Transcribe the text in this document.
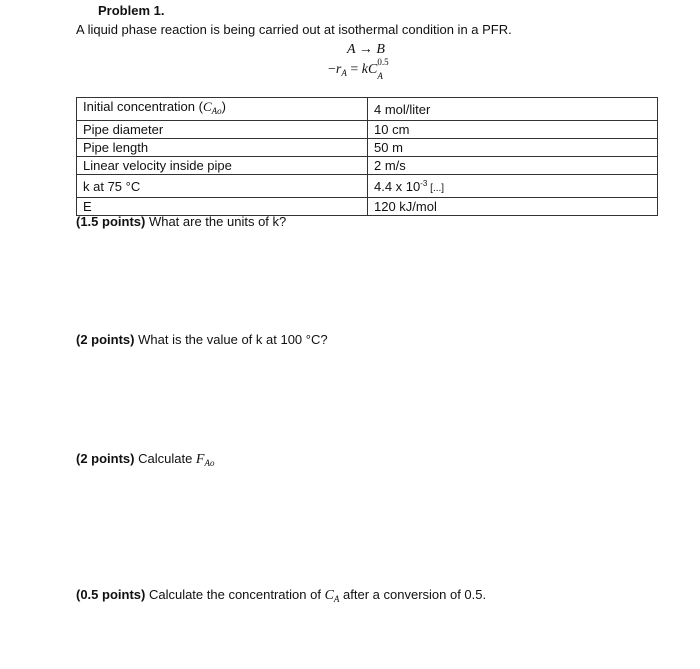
Problem 1.
A liquid phase reaction is being carried out at isothermal condition in a PFR.
A → B
$-r_A$ = kC 0.5
A
Initial concentration $(C_{Ao})$	4 mol/liter
Pipe diameter	10 cm
Pipe length	50 m
Linear velocity inside pipe	2 m/s
k at 75 °C	4.4 x $10^{-3}$ [...]
E	120 kJ/mol
(1.5 points) What are the units of k?
(2 points) What is the value of k at 100 °C?
(2 points) Calculate $F_{Ao}$
(0.5 points) Calculate the concentration of $C_A$ after a conversion of 0.5.
